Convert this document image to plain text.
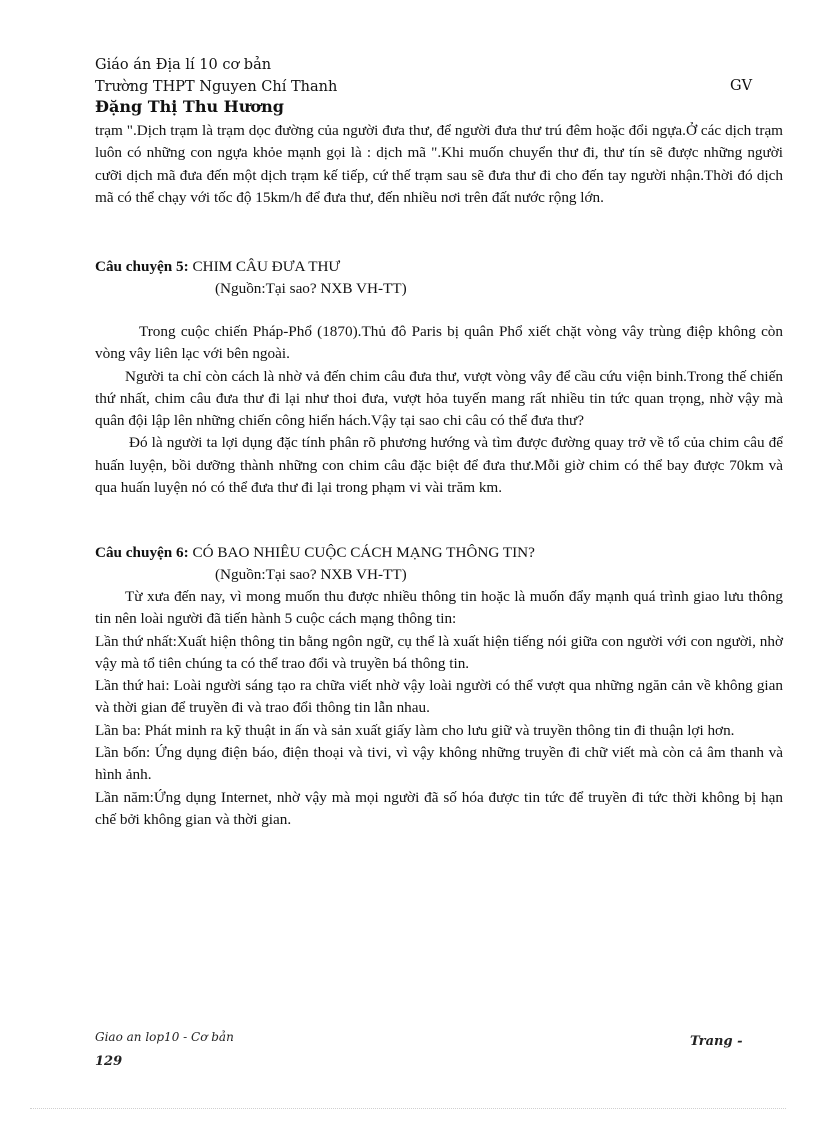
Giáo án Địa lí 10 cơ bản
Trường THPT Nguyen Chí Thanh	GV
Đặng Thị Thu Hương

trạm ".Dịch trạm là trạm dọc đường của người đưa thư, để người đưa thư trú đêm hoặc đổi ngựa.Ở các dịch trạm luôn có những con ngựa khỏe mạnh gọi là : dịch mã ".Khi muốn chuyển thư đi, thư tín sẽ được những người cưỡi dịch mã đưa đến một dịch trạm kế tiếp, cứ thế trạm sau sẽ đưa thư đi cho đến tay người nhận.Thời đó dịch mã có thể chạy với tốc độ 15km/h để đưa thư, đến nhiều nơi trên đất nước rộng lớn.

Câu chuyện 5: CHIM CÂU ĐƯA THƯ

(Nguồn:Tại sao? NXB VH-TT)

Trong cuộc chiến Pháp-Phổ (1870).Thủ đô Paris bị quân Phổ xiết chặt vòng vây trùng điệp không còn vòng vây liên lạc với bên ngoài.

Người ta chỉ còn cách là nhờ vả đến chim câu đưa thư, vượt vòng vây để cầu cứu viện binh.Trong thế chiến thứ nhất, chim câu đưa thư đi lại như thoi đưa, vượt hỏa tuyến mang rất nhiều tin tức quan trọng, nhờ vậy mà quân đội lập lên những chiến công hiển hách.Vậy tại sao chi câu có thể đưa thư?

Đó là người ta lợi dụng đặc tính phân rõ phương hướng và tìm được đường quay trở về tổ của chim câu để huấn luyện, bồi dưỡng thành những con chim câu đặc biệt để đưa thư.Mỗi giờ chim có thể bay được 70km và qua huấn luyện nó có thể đưa thư đi lại trong phạm vi vài trăm km.

Câu chuyện 6: CÓ BAO NHIÊU CUỘC CÁCH MẠNG THÔNG TIN?

(Nguồn:Tại sao? NXB VH-TT)

Từ xưa đến nay, vì mong muốn thu được nhiều thông tin hoặc là muốn đẩy mạnh quá trình giao lưu thông tin nên loài người đã tiến hành 5 cuộc cách mạng thông tin:

Lần thứ nhất:Xuất hiện thông tin bằng ngôn ngữ, cụ thể là xuất hiện tiếng nói giữa con người với con người, nhờ vậy mà tổ tiên chúng ta có thể trao đổi và truyền bá thông tin.

Lần thứ hai: Loài người sáng tạo ra chữa viết nhờ vậy loài người có thể vượt qua những ngăn cản về không gian và thời gian để truyền đi và trao đổi thông tin lẫn nhau.

Lần ba: Phát minh ra kỹ thuật in ấn và sản xuất giấy làm cho lưu giữ và truyền thông tin đi thuận lợi hơn.

Lần bốn: Ứng dụng điện báo, điện thoại và tivi, vì vậy không những truyền đi chữ viết mà còn cả âm thanh và hình ảnh.

Lần năm:Ứng dụng Internet, nhờ vậy mà mọi người đã số hóa được tin tức để truyền đi tức thời không bị hạn chế bởi không gian và thời gian.

Giao an lop10 - Cơ bản
129
Trang -
